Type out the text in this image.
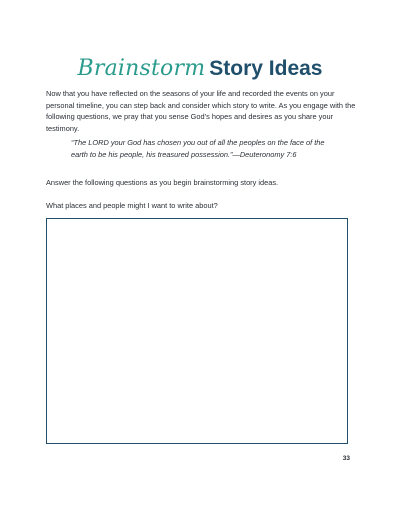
Brainstorm Story Ideas

Now that you have reflected on the seasons of your life and recorded the events on your personal timeline, you can step back and consider which story to write. As you engage with the following questions, we pray that you sense God’s hopes and desires as you share your testimony.

“The LORD your God has chosen you out of all the peoples on the face of the earth to be his people, his treasured possession.”—Deuteronomy 7:6

Answer the following questions as you begin brainstorming story ideas.

What places and people might I want to write about?

33
